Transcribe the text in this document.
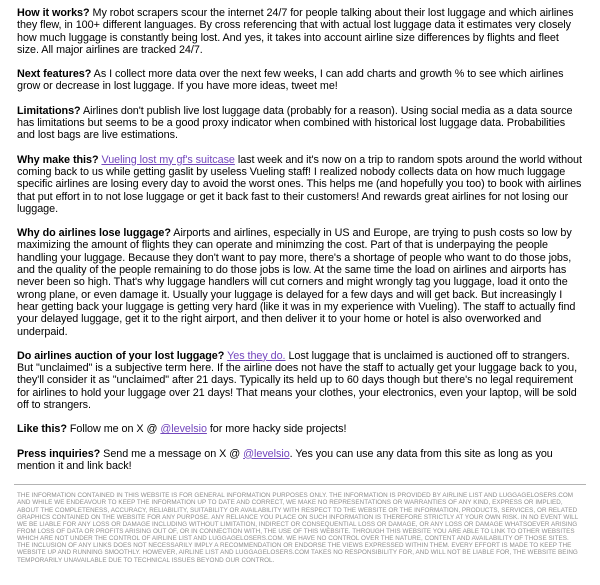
How it works? My robot scrapers scour the internet 24/7 for people talking about their lost luggage and which airlines they flew, in 100+ different languages. By cross referencing that with actual lost luggage data it estimates very closely how much luggage is constantly being lost. And yes, it takes into account airline size differences by flights and fleet size. All major airlines are tracked 24/7.

Next features? As I collect more data over the next few weeks, I can add charts and growth % to see which airlines grow or decrease in lost luggage. If you have more ideas, tweet me!

Limitations? Airlines don't publish live lost luggage data (probably for a reason). Using social media as a data source has limitations but seems to be a good proxy indicator when combined with historical lost luggage data. Probabilities and lost bags are live estimations.

Why make this? Vueling lost my gf's suitcase last week and it's now on a trip to random spots around the world without coming back to us while getting gaslit by useless Vueling staff! I realized nobody collects data on how much luggage specific airlines are losing every day to avoid the worst ones. This helps me (and hopefully you too) to book with airlines that put effort in to not lose luggage or get it back fast to their customers! And rewards great airlines for not losing our luggage.

Why do airlines lose luggage? Airports and airlines, especially in US and Europe, are trying to push costs so low by maximizing the amount of flights they can operate and minimzing the cost. Part of that is underpaying the people handling your luggage. Because they don't want to pay more, there's a shortage of people who want to do those jobs, and the quality of the people remaining to do those jobs is low. At the same time the load on airlines and airports has never been so high. That's why luggage handlers will cut corners and might wrongly tag you luggage, load it onto the wrong plane, or even damage it. Usually your luggage is delayed for a few days and will get back. But increasingly I hear getting back your luggage is getting very hard (like it was in my experience with Vueling). The staff to actually find your delayed luggage, get it to the right airport, and then deliver it to your home or hotel is also overworked and underpaid.

Do airlines auction of your lost luggage? Yes they do. Lost luggage that is unclaimed is auctioned off to strangers. But "unclaimed" is a subjective term here. If the airline does not have the staff to actually get your luggage back to you, they'll consider it as "unclaimed" after 21 days. Typically its held up to 60 days though but there's no legal requirement for airlines to hold your luggage over 21 days! That means your clothes, your electronics, even your laptop, will be sold off to strangers.

Like this? Follow me on X @ @levelsio for more hacky side projects!

Press inquiries? Send me a message on X @ @levelsio. Yes you can use any data from this site as long as you mention it and link back!

THE INFORMATION CONTAINED IN THIS WEBSITE IS FOR GENERAL INFORMATION PURPOSES ONLY. THE INFORMATION IS PROVIDED BY AIRLINE LIST AND LUGGAGELOSERS.COM AND WHILE WE ENDEAVOUR TO KEEP THE INFORMATION UP TO DATE AND CORRECT, WE MAKE NO REPRESENTATIONS OR WARRANTIES OF ANY KIND, EXPRESS OR IMPLIED, ABOUT THE COMPLETENESS, ACCURACY, RELIABILITY, SUITABILITY OR AVAILABILITY WITH RESPECT TO THE WEBSITE OR THE INFORMATION, PRODUCTS, SERVICES, OR RELATED GRAPHICS CONTAINED ON THE WEBSITE FOR ANY PURPOSE. ANY RELIANCE YOU PLACE ON SUCH INFORMATION IS THEREFORE STRICTLY AT YOUR OWN RISK. IN NO EVENT WILL WE BE LIABLE FOR ANY LOSS OR DAMAGE INCLUDING WITHOUT LIMITATION, INDIRECT OR CONSEQUENTIAL LOSS OR DAMAGE, OR ANY LOSS OR DAMAGE WHATSOEVER ARISING FROM LOSS OF DATA OR PROFITS ARISING OUT OF, OR IN CONNECTION WITH, THE USE OF THIS WEBSITE. THROUGH THIS WEBSITE YOU ARE ABLE TO LINK TO OTHER WEBSITES WHICH ARE NOT UNDER THE CONTROL OF AIRLINE LIST AND LUGGAGELOSERS.COM. WE HAVE NO CONTROL OVER THE NATURE, CONTENT AND AVAILABILITY OF THOSE SITES. THE INCLUSION OF ANY LINKS DOES NOT NECESSARILY IMPLY A RECOMMENDATION OR ENDORSE THE VIEWS EXPRESSED WITHIN THEM. EVERY EFFORT IS MADE TO KEEP THE WEBSITE UP AND RUNNING SMOOTHLY. HOWEVER, AIRLINE LIST AND LUGGAGELOSERS.COM TAKES NO RESPONSIBILITY FOR, AND WILL NOT BE LIABLE FOR, THE WEBSITE BEING TEMPORARILY UNAVAILABLE DUE TO TECHNICAL ISSUES BEYOND OUR CONTROL.
